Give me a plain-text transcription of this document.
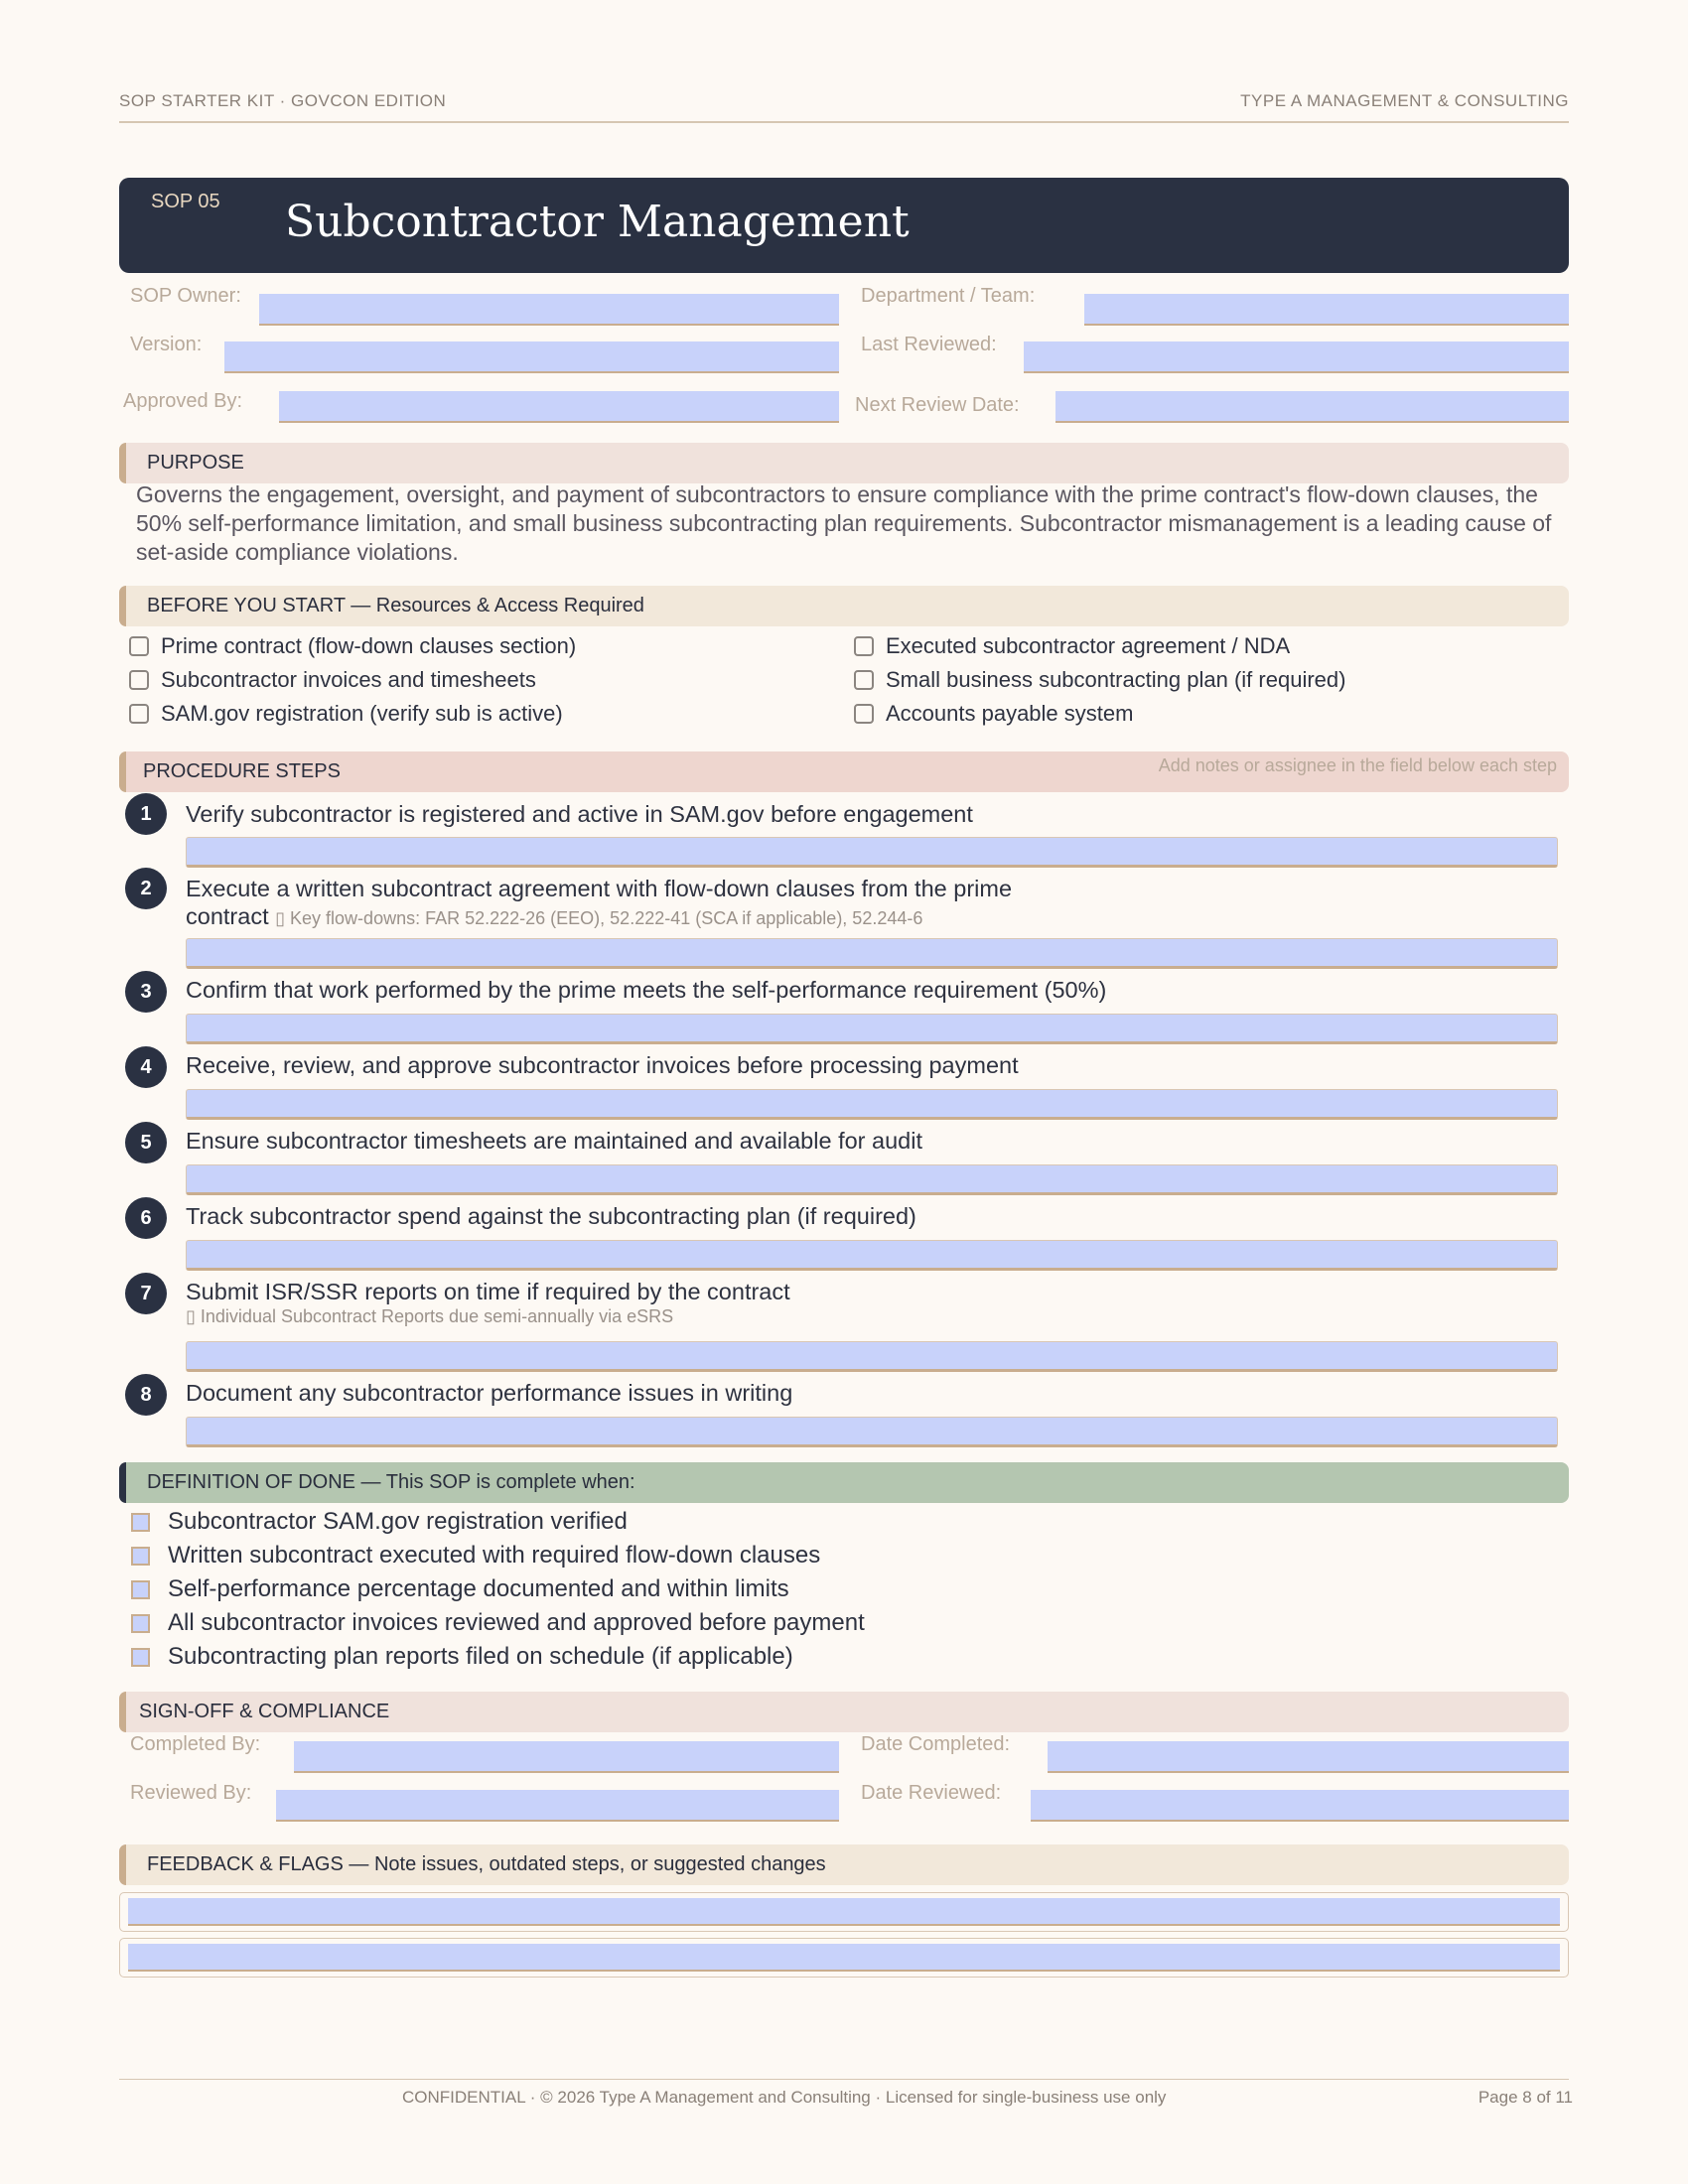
SOP STARTER KIT · GOVCON EDITION	TYPE A MANAGEMENT & CONSULTING
SOP 05 Subcontractor Management
SOP Owner:	Department / Team:
Version:	Last Reviewed:
Approved By:	Next Review Date:
PURPOSE
Governs the engagement, oversight, and payment of subcontractors to ensure compliance with the prime contract's flow-down clauses, the 50% self-performance limitation, and small business subcontracting plan requirements. Subcontractor mismanagement is a leading cause of set-aside compliance violations.
BEFORE YOU START — Resources & Access Required
Prime contract (flow-down clauses section)	Executed subcontractor agreement / NDA
Subcontractor invoices and timesheets	Small business subcontracting plan (if required)
SAM.gov registration (verify sub is active)	Accounts payable system
PROCEDURE STEPS	Add notes or assignee in the field below each step
1	Verify subcontractor is registered and active in SAM.gov before engagement
2	Execute a written subcontract agreement with flow-down clauses from the prime
contract ▯ Key flow-downs: FAR 52.222-26 (EEO), 52.222-41 (SCA if applicable), 52.244-6
3	Confirm that work performed by the prime meets the self-performance requirement (50%)
4	Receive, review, and approve subcontractor invoices before processing payment
5	Ensure subcontractor timesheets are maintained and available for audit
6	Track subcontractor spend against the subcontracting plan (if required)
7	Submit ISR/SSR reports on time if required by the contract
▯ Individual Subcontract Reports due semi-annually via eSRS
8	Document any subcontractor performance issues in writing
DEFINITION OF DONE — This SOP is complete when:
Subcontractor SAM.gov registration verified
Written subcontract executed with required flow-down clauses
Self-performance percentage documented and within limits
All subcontractor invoices reviewed and approved before payment
Subcontracting plan reports filed on schedule (if applicable)
SIGN-OFF & COMPLIANCE
Completed By:	Date Completed:
Reviewed By:	Date Reviewed:
FEEDBACK & FLAGS — Note issues, outdated steps, or suggested changes
CONFIDENTIAL · © 2026 Type A Management and Consulting · Licensed for single-business use only	Page 8 of 11
